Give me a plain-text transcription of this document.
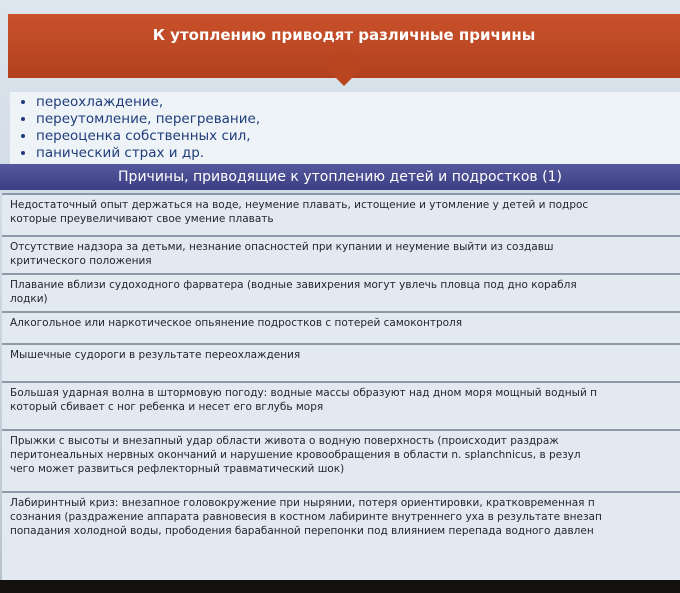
К утоплению приводят различные причины
• переохлаждение,
• переутомление, перегревание,
• переоценка собственных сил,
• панический страх и др.
Причины, приводящие к утоплению детей и подростков (1)
Недостаточный опыт держаться на воде, неумение плавать, истощение и утомление у детей и подрос
которые преувеличивают свое умение плавать
Отсутствие надзора за детьми, незнание опасностей при купании и неумение выйти из создавш
критического положения
Плавание вблизи судоходного фарватера (водные завихрения могут увлечь пловца под дно корабля
лодки)
Алкогольное или наркотическое опьянение подростков с потерей самоконтроля
Мышечные судороги в результате переохлаждения
Большая ударная волна в штормовую погоду: водные массы образуют над дном моря мощный водный п
который сбивает с ног ребенка и несет его вглубь моря
Прыжки с высоты и внезапный удар области живота о водную поверхность (происходит раздраж
перитонеальных нервных окончаний и нарушение кровообращения в области n. splanchnicus, в резул
чего может развиться рефлекторный травматический шок)
Лабиринтный криз: внезапное головокружение при нырянии, потеря ориентировки, кратковременная п
сознания (раздражение аппарата равновесия в костном лабиринте внутреннего уха в результате внезап
попадания холодной воды, прободения барабанной перепонки под влиянием перепада водного давлен
